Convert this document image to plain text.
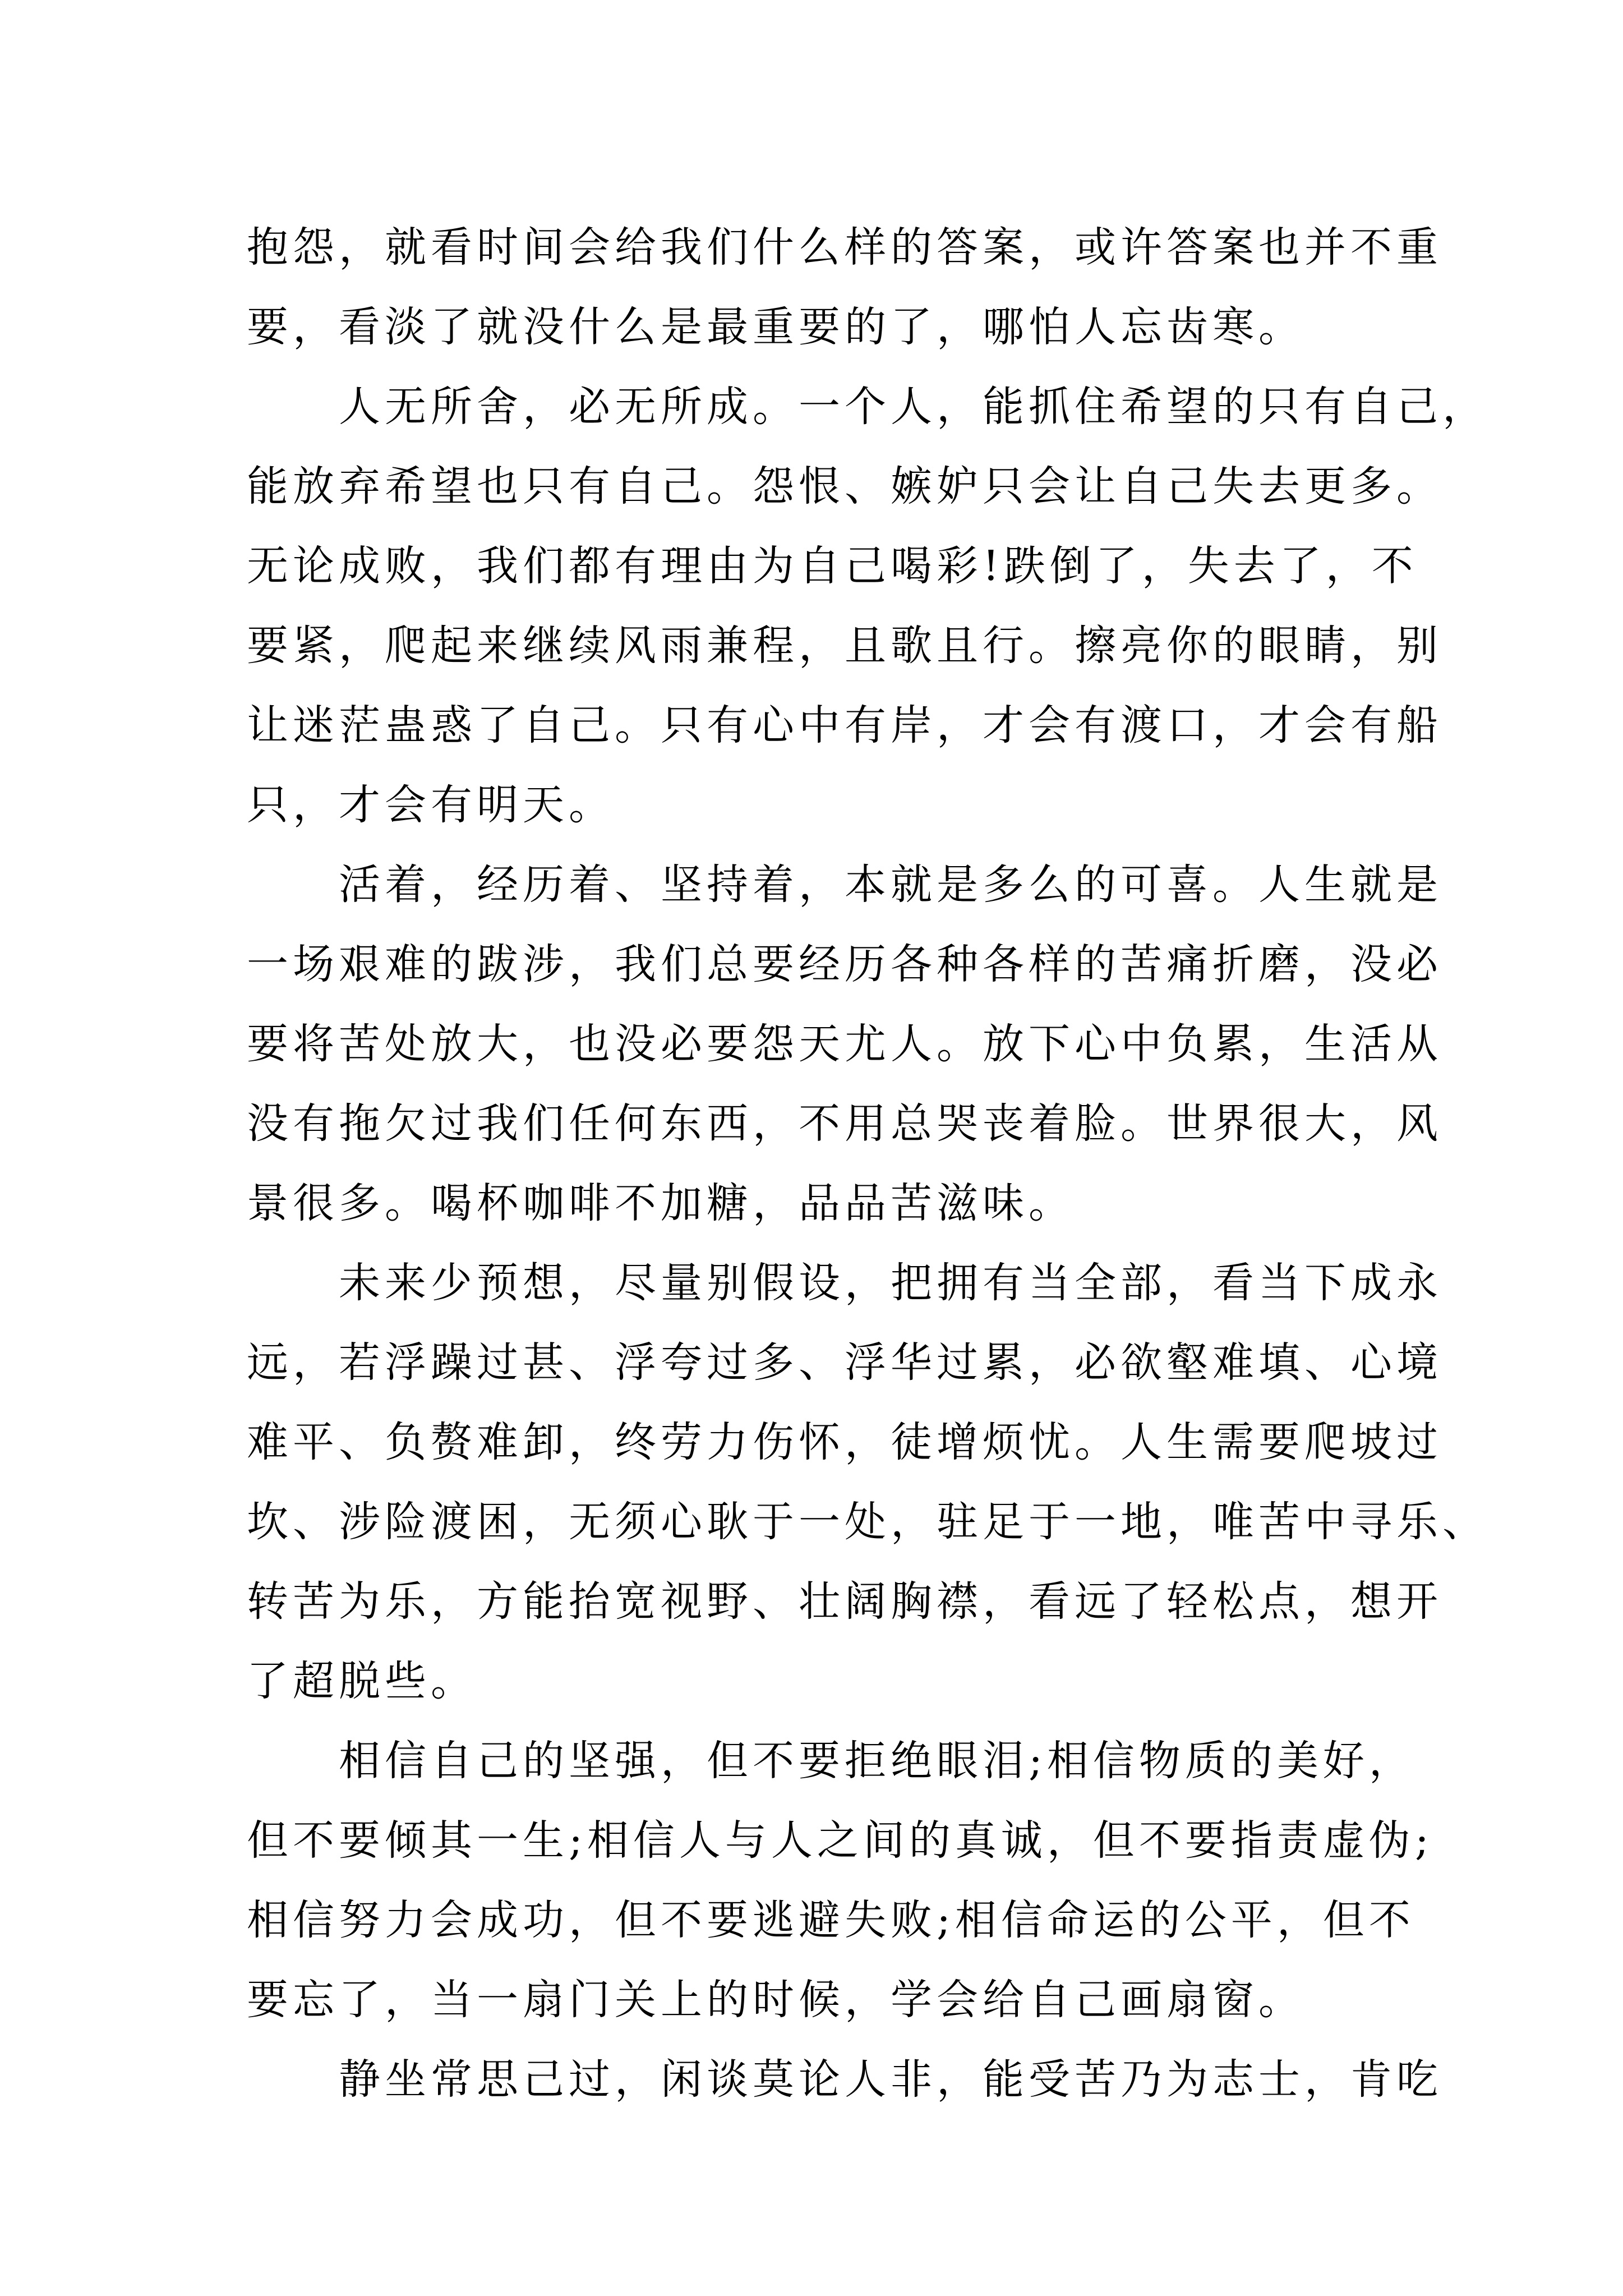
抱怨，就看时间会给我们什么样的答案，或许答案也并不重
要，看淡了就没什么是最重要的了，哪怕人忘齿寒。

人无所舍，必无所成。一个人，能抓住希望的只有自己，
能放弃希望也只有自己。怨恨、嫉妒只会让自己失去更多。
无论成败，我们都有理由为自己喝彩!跌倒了，失去了，不
要紧，爬起来继续风雨兼程，且歌且行。擦亮你的眼睛，别
让迷茫蛊惑了自己。只有心中有岸，才会有渡口，才会有船
只，才会有明天。

活着，经历着、坚持着，本就是多么的可喜。人生就是
一场艰难的跋涉，我们总要经历各种各样的苦痛折磨，没必
要将苦处放大，也没必要怨天尤人。放下心中负累，生活从
没有拖欠过我们任何东西，不用总哭丧着脸。世界很大，风
景很多。喝杯咖啡不加糖，品品苦滋味。

未来少预想，尽量别假设，把拥有当全部，看当下成永
远，若浮躁过甚、浮夸过多、浮华过累，必欲壑难填、心境
难平、负赘难卸，终劳力伤怀，徒增烦忧。人生需要爬坡过
坎、涉险渡困，无须心耿于一处，驻足于一地，唯苦中寻乐、
转苦为乐，方能抬宽视野、壮阔胸襟，看远了轻松点，想开
了超脱些。

相信自己的坚强，但不要拒绝眼泪;相信物质的美好，
但不要倾其一生;相信人与人之间的真诚，但不要指责虚伪;
相信努力会成功，但不要逃避失败;相信命运的公平，但不
要忘了，当一扇门关上的时候，学会给自己画扇窗。

静坐常思己过，闲谈莫论人非，能受苦乃为志士，肯吃
